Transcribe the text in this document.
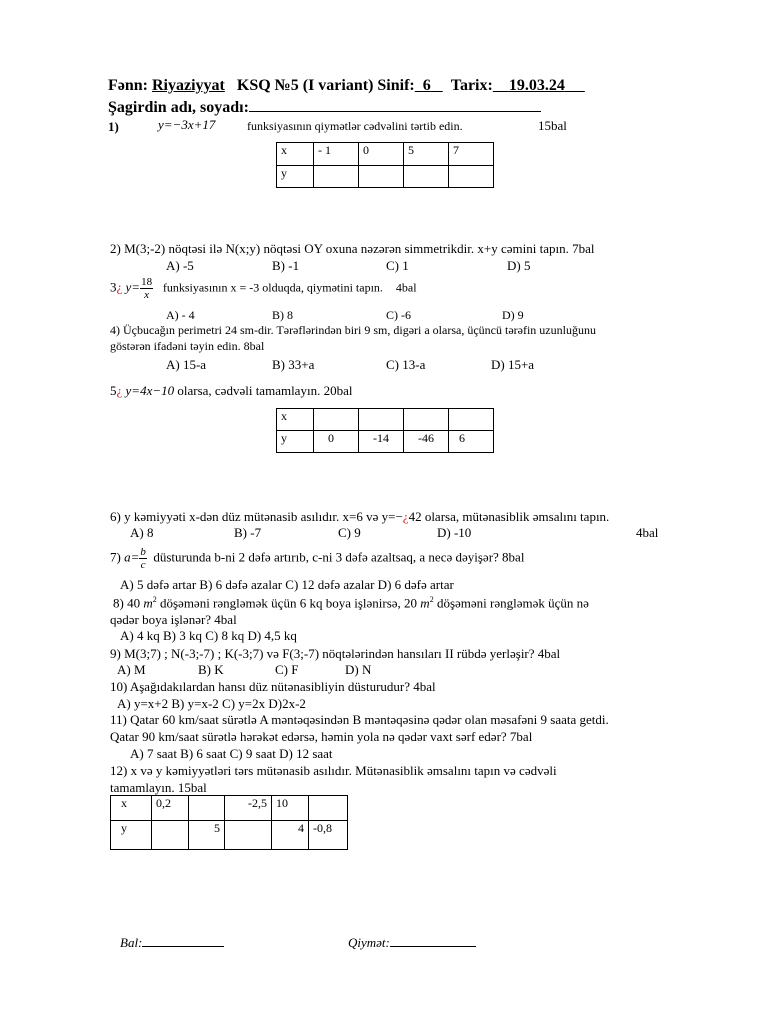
Fənn: Riyaziyyat KSQ №5 (I variant) Sinif: 6 Tarix: 19.03.24
Şagirdin adı, soyadı:
1)	y=−3x+17	funksiyasının qiymətlər cədvəlini tərtib edin.	15bal
x	- 1	0	5	7
y				
2) M(3;-2) nöqtəsi ilə N(x;y) nöqtəsi OY oxuna nəzərən simmetrikdir. x+y cəmini tapın. 7bal
A) -5	B) -1	C) 1	D) 5
3¿ $y= \frac{18}{x}$ funksiyasının x = -3 olduqda, qiymətini tapın. 4bal
A) - 4	B) 8	C) -6	D) 9
4) Üçbucağın perimetri 24 sm-dir. Tərəflərindən biri 9 sm, digəri a olarsa, üçüncü tərəfin uzunluğunu
göstərən ifadəni təyin edin. 8bal
A) 15-a	B) 33+a	C) 13-a	D) 15+a
5¿ y=4x−10 olarsa, cədvəli tamamlayın. 20bal
x				
y	0	-14	-46	6
6) y kəmiyyəti x-dən düz mütənasib asılıdır. x=6 və y=−¿42 olarsa, mütənasiblik əmsalını tapın.
A) 8	B) -7	C) 9	D) -10	4bal
7) $a= \frac{b}{c}$ düsturunda b-ni 2 dəfə artırıb, c-ni 3 dəfə azaltsaq, a necə dəyişər? 8bal
A) 5 dəfə artar B) 6 dəfə azalar C) 12 dəfə azalar D) 6 dəfə artar
8) 40 $m^2$ döşəməni rəngləmək üçün 6 kq boya işlənirsə, 20 $m^2$ döşəməni rəngləmək üçün nə
qədər boya işlənər? 4bal
A) 4 kq B) 3 kq C) 8 kq D) 4,5 kq
9) M(3;7) ; N(-3;-7) ; K(-3;7) və F(3;-7) nöqtələrindən hansıları II rübdə yerləşir? 4bal
A) M	B) K	C) F	D) N
10) Aşağıdakılardan hansı düz nütənasibliyin düsturudur? 4bal
A) y=x+2 B) y=x-2 C) y=2x D)2x-2
11) Qatar 60 km/saat sürətlə A məntəqəsindən B məntəqəsinə qədər olan məsafəni 9 saata getdi.
Qatar 90 km/saat sürətlə hərəkət edərsə, həmin yola nə qədər vaxt sərf edər? 7bal
A) 7 saat B) 6 saat C) 9 saat D) 12 saat
12) x və y kəmiyyətləri tərs mütənasib asılıdır. Mütənasiblik əmsalını tapın və cədvəli
tamamlayın. 15bal
x	0,2		-2,5	10	
y		5		4	-0,8
Bal:	Qiymət:
